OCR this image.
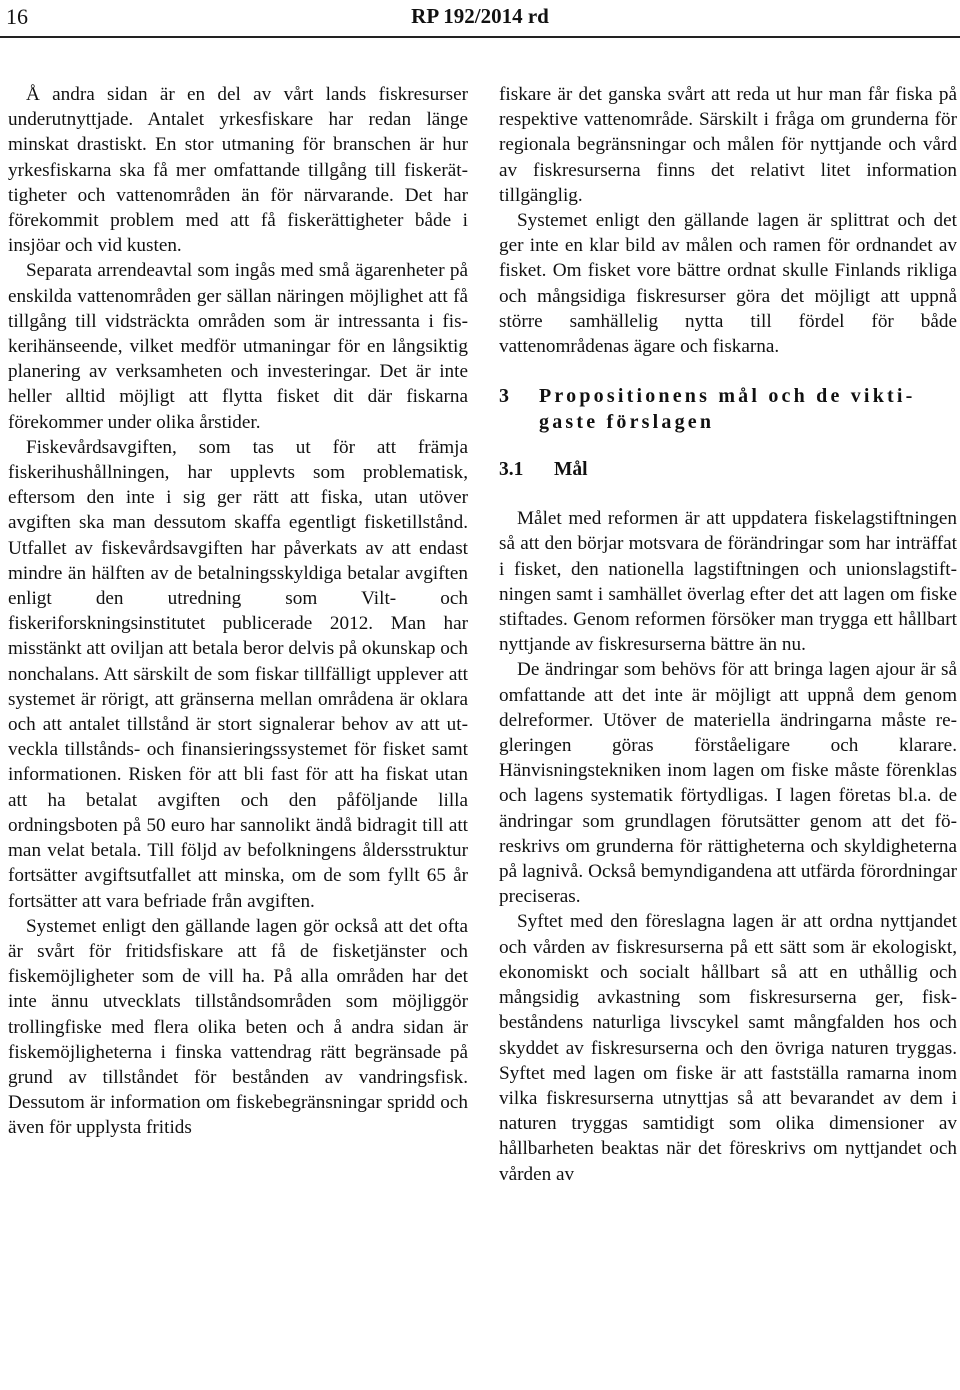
16	RP 192/2014 rd

Å andra sidan är en del av vårt lands fiskresurser underutnyttjade. Antalet yrkesfiskare har redan länge minskat drastiskt. En stor utmaning för branschen är hur yrkesfiskarna ska få mer omfattande tillgång till fiskerättigheter och vattenområden än för närvarande. Det har förekommit problem med att få fiskerättigheter både i insjöar och vid kusten.

Separata arrendeavtal som ingås med små ägarenheter på enskilda vattenområden ger sällan näringen möjlighet att få tillgång till vidsträckta områden som är intressanta i fiskerihänseende, vilket medför utmaningar för en långsiktig planering av verksamheten och investeringar. Det är inte heller alltid möjligt att flytta fisket dit där fiskarna förekommer under olika årstider.

Fiskevårdsavgiften, som tas ut för att främja fiskerihushållningen, har upplevts som problematisk, eftersom den inte i sig ger rätt att fiska, utan utöver avgiften ska man dessutom skaffa egentligt fisketillstånd. Utfallet av fiskevårdsavgiften har påverkats av att endast mindre än hälften av de betalningsskyldiga betalar avgiften enligt den utredning som Vilt- och fiskeriforskningsinstitutet publicerade 2012. Man har misstänkt att oviljan att betala beror delvis på okunskap och nonchalans. Att särskilt de som fiskar tillfälligt upplever att systemet är rörigt, att gränserna mellan områdena är oklara och att antalet tillstånd är stort signalerar behov av att utveckla tillstånds- och finansieringssystemet för fisket samt informationen. Risken för att bli fast för att ha fiskat utan att ha betalat avgiften och den påföljande lilla ordningsboten på 50 euro har sannolikt ändå bidragit till att man velat betala. Till följd av befolkningens åldersstruktur fortsätter avgiftsutfallet att minska, om de som fyllt 65 år fortsätter att vara befriade från avgiften.

Systemet enligt den gällande lagen gör också att det ofta är svårt för fritidsfiskare att få de fisketjänster och fiskemöjligheter som de vill ha. På alla områden har det inte ännu utvecklats tillståndsområden som möjliggör trollingfiske med flera olika beten och å andra sidan är fiskemöjligheterna i finska vattendrag rätt begränsade på grund av tillståndet för bestånden av vandringsfisk. Dessutom är information om fiskebegränsningar spridd och även för upplysta fritids

fiskare är det ganska svårt att reda ut hur man får fiska på respektive vattenområde. Särskilt i fråga om grunderna för regionala begränsningar och målen för nyttjande och vård av fiskresurserna finns det relativt litet information tillgänglig.

Systemet enligt den gällande lagen är splittrat och det ger inte en klar bild av målen och ramen för ordnandet av fisket. Om fisket vore bättre ordnat skulle Finlands rikliga och mångsidiga fiskresurser göra det möjligt att uppnå större samhällelig nytta till fördel för både vattenområdenas ägare och fiskarna.

3	Propositionens mål och de viktigaste förslagen
3.1	Mål

Målet med reformen är att uppdatera fiskelagstiftningen så att den börjar motsvara de förändringar som har inträffat i fisket, den nationella lagstiftningen och unionslagstiftningen samt i samhället överlag efter det att lagen om fiske stiftades. Genom reformen försöker man trygga ett hållbart nyttjande av fiskresurserna bättre än nu.

De ändringar som behövs för att bringa lagen ajour är så omfattande att det inte är möjligt att uppnå dem genom delreformer. Utöver de materiella ändringarna måste regleringen göras förståeligare och klarare. Hänvisningstekniken inom lagen om fiske måste förenklas och lagens systematik förtydligas. I lagen företas bl.a. de ändringar som grundlagen förutsätter genom att det föreskrivs om grunderna för rättigheterna och skyldigheterna på lagnivå. Också bemyndigandena att utfärda förordningar preciseras.

Syftet med den föreslagna lagen är att ordna nyttjandet och vården av fiskresurserna på ett sätt som är ekologiskt, ekonomiskt och socialt hållbart så att en uthållig och mångsidig avkastning som fiskresurserna ger, fiskbeståndens naturliga livscykel samt mångfalden hos och skyddet av fiskresurserna och den övriga naturen tryggas. Syftet med lagen om fiske är att fastställa ramarna inom vilka fiskresurserna utnyttjas så att bevarandet av dem i naturen tryggas samtidigt som olika dimensioner av hållbarheten beaktas när det föreskrivs om nyttjandet och vården av
